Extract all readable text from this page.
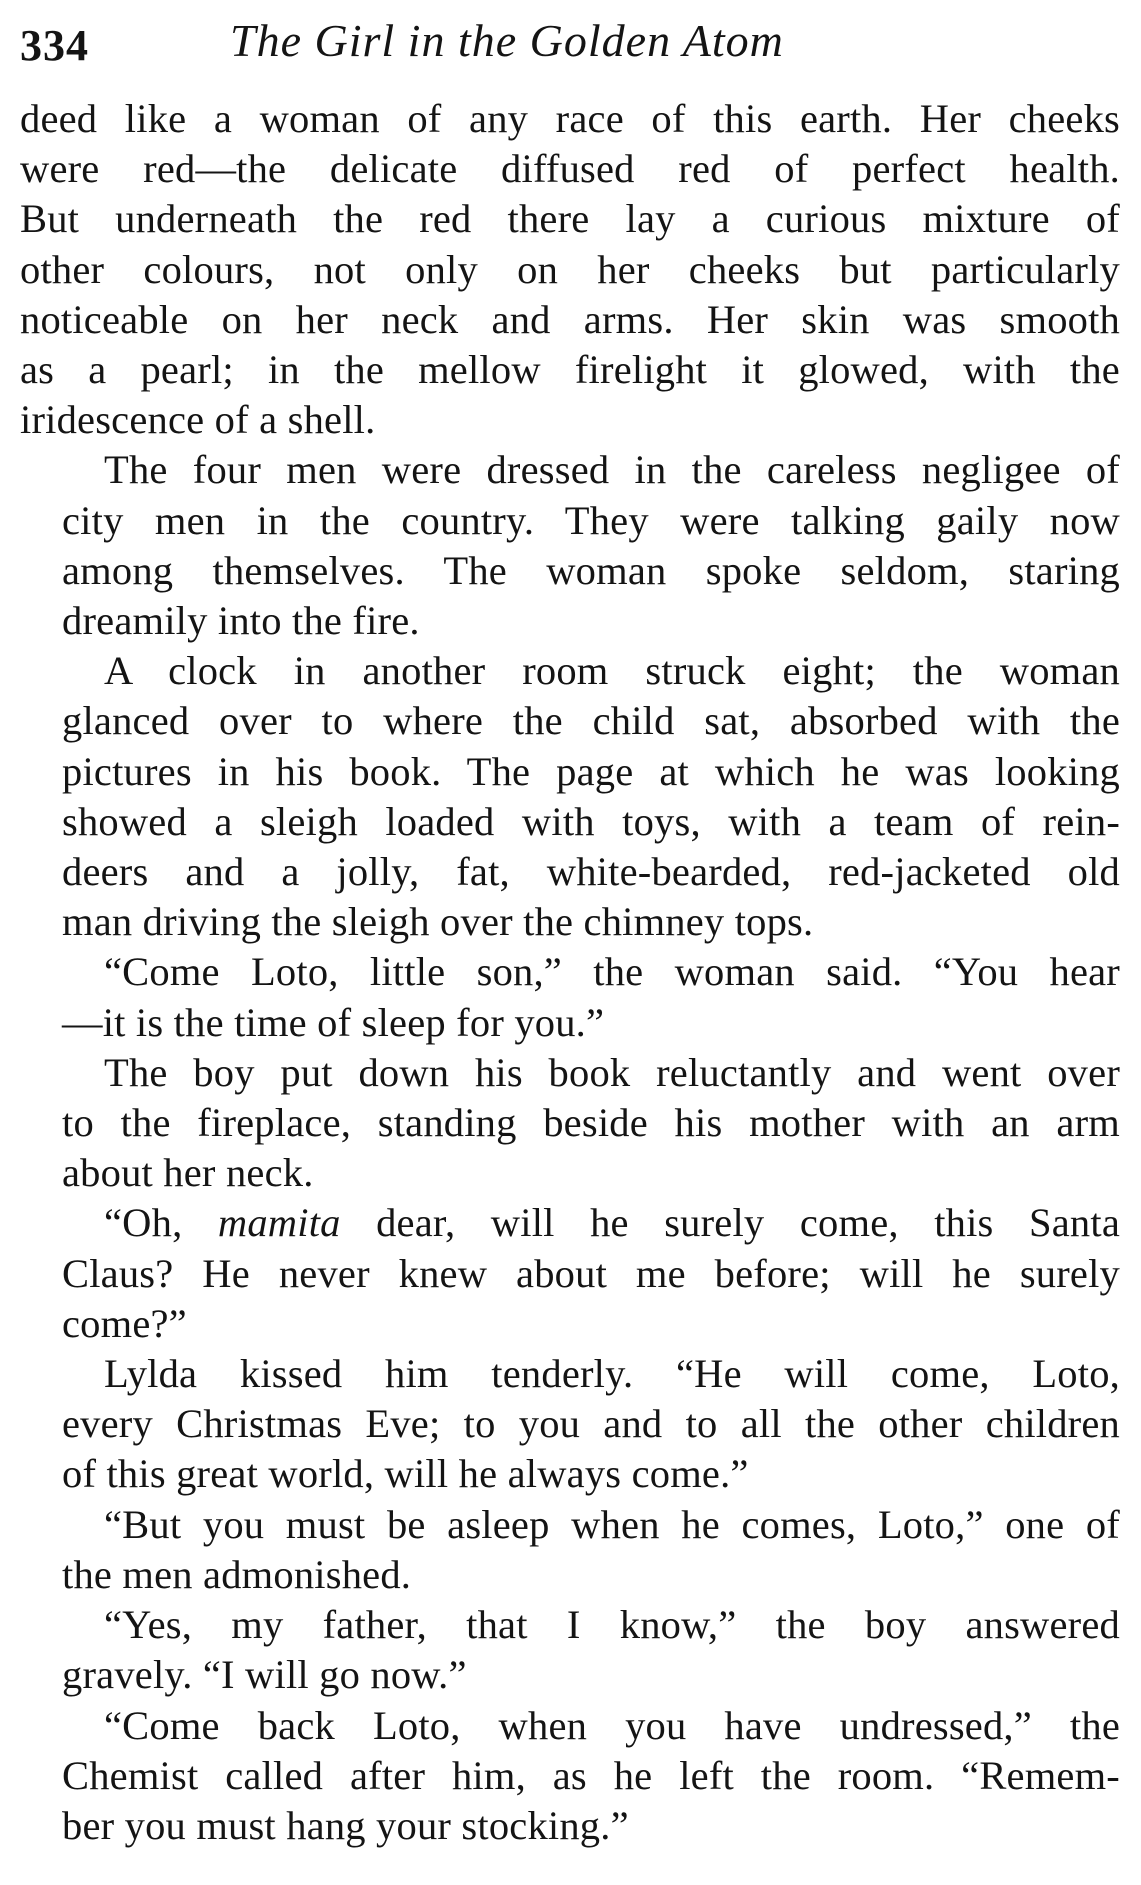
334	The Girl in the Golden Atom

deed like a woman of any race of this earth. Her cheeks
were red—the delicate diffused red of perfect health.
But underneath the red there lay a curious mixture of
other colours, not only on her cheeks but particularly
noticeable on her neck and arms. Her skin was smooth
as a pearl; in the mellow firelight it glowed, with the
iridescence of a shell.

The four men were dressed in the careless negligee of
city men in the country. They were talking gaily now
among themselves. The woman spoke seldom, staring
dreamily into the fire.

A clock in another room struck eight; the woman
glanced over to where the child sat, absorbed with the
pictures in his book. The page at which he was looking
showed a sleigh loaded with toys, with a team of rein-
deers and a jolly, fat, white-bearded, red-jacketed old
man driving the sleigh over the chimney tops.

“Come Loto, little son,” the woman said. “You hear
—it is the time of sleep for you.”

The boy put down his book reluctantly and went over
to the fireplace, standing beside his mother with an arm
about her neck.

“Oh, mamita dear, will he surely come, this Santa
Claus? He never knew about me before; will he surely
come?”

Lylda kissed him tenderly. “He will come, Loto,
every Christmas Eve; to you and to all the other children
of this great world, will he always come.”

“But you must be asleep when he comes, Loto,” one of
the men admonished.

“Yes, my father, that I know,” the boy answered
gravely. “I will go now.”

“Come back Loto, when you have undressed,” the
Chemist called after him, as he left the room. “Remem-
ber you must hang your stocking.”
